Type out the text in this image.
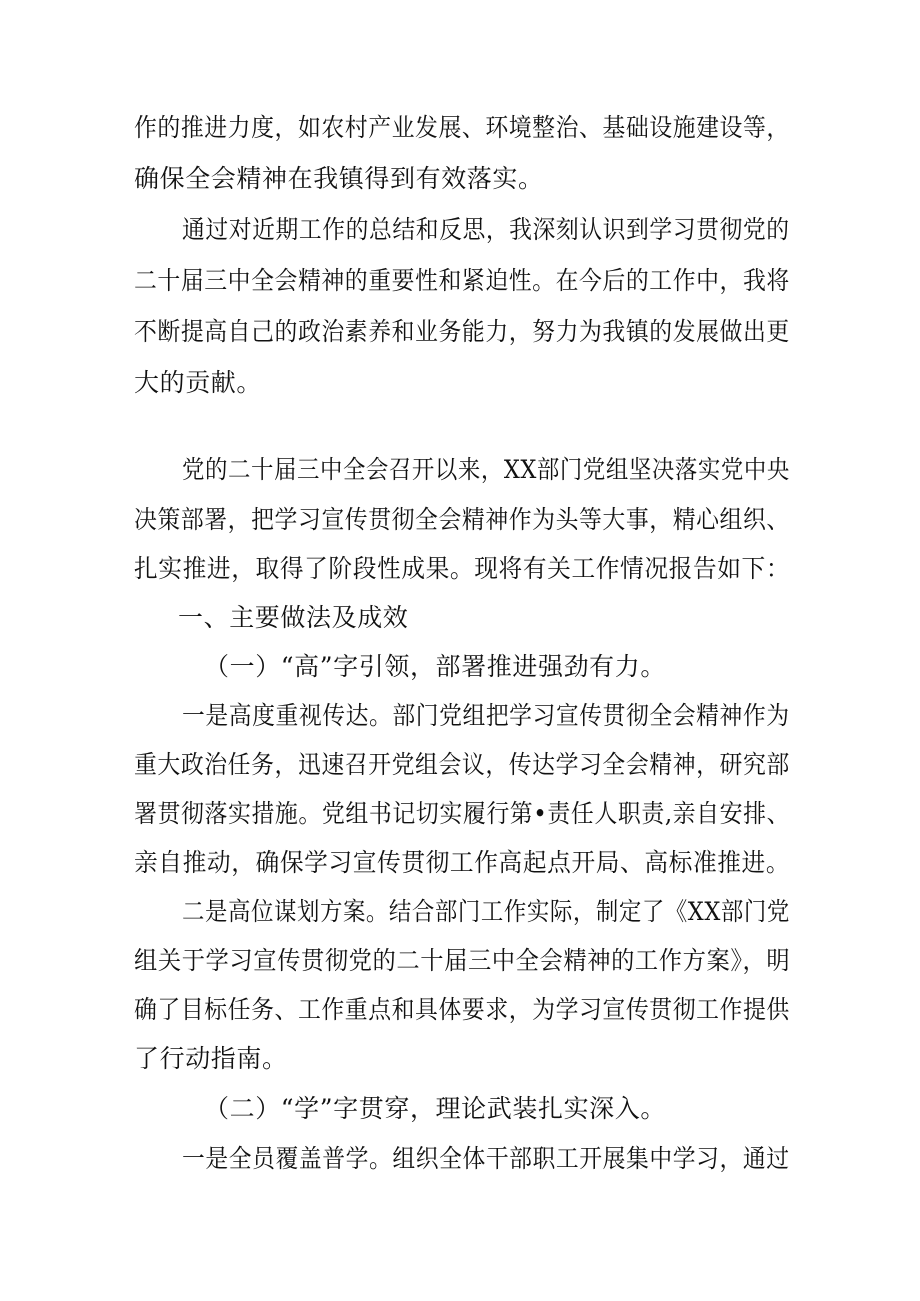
作的推进力度，如农村产业发展、环境整治、基础设施建设等，
确保全会精神在我镇得到有效落实。
通过对近期工作的总结和反思，我深刻认识到学习贯彻党的
二十届三中全会精神的重要性和紧迫性。在今后的工作中，我将
不断提高自己的政治素养和业务能力，努力为我镇的发展做出更
大的贡献。
党的二十届三中全会召开以来，XX部门党组坚决落实党中央
决策部署，把学习宣传贯彻全会精神作为头等大事，精心组织、
扎实推进，取得了阶段性成果。现将有关工作情况报告如下：
一、主要做法及成效
（一）“高”字引领，部署推进强劲有力。
一是高度重视传达。部门党组把学习宣传贯彻全会精神作为
重大政治任务，迅速召开党组会议，传达学习全会精神，研究部
署贯彻落实措施。党组书记切实履行第•责任人职责,亲自安排、
亲自推动，确保学习宣传贯彻工作高起点开局、高标准推进。
二是高位谋划方案。结合部门工作实际，制定了《XX部门党
组关于学习宣传贯彻党的二十届三中全会精神的工作方案》，明
确了目标任务、工作重点和具体要求，为学习宣传贯彻工作提供
了行动指南。
（二）“学”字贯穿，理论武装扎实深入。
一是全员覆盖普学。组织全体干部职工开展集中学习，通过
